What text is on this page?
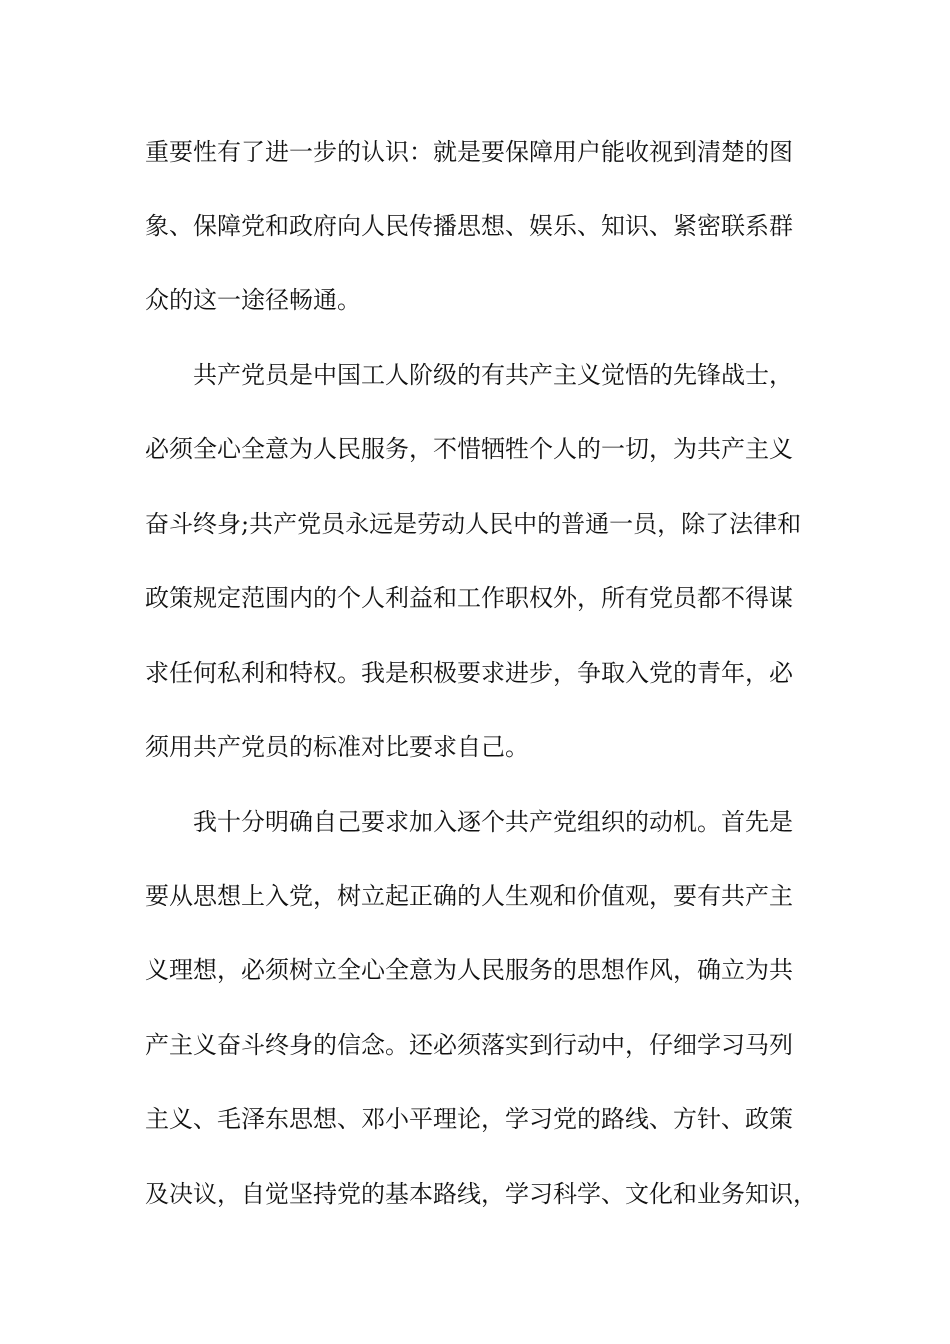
重要性有了进一步的认识：就是要保障用户能收视到清楚的图
象、保障党和政府向人民传播思想、娱乐、知识、紧密联系群
众的这一途径畅通。
共产党员是中国工人阶级的有共产主义觉悟的先锋战士，
必须全心全意为人民服务，不惜牺牲个人的一切，为共产主义
奋斗终身;共产党员永远是劳动人民中的普通一员，除了法律和
政策规定范围内的个人利益和工作职权外，所有党员都不得谋
求任何私利和特权。我是积极要求进步，争取入党的青年，必
须用共产党员的标准对比要求自己。
我十分明确自己要求加入逐个共产党组织的动机。首先是
要从思想上入党，树立起正确的人生观和价值观，要有共产主
义理想，必须树立全心全意为人民服务的思想作风，确立为共
产主义奋斗终身的信念。还必须落实到行动中，仔细学习马列
主义、毛泽东思想、邓小平理论，学习党的路线、方针、政策
及决议，自觉坚持党的基本路线，学习科学、文化和业务知识，
